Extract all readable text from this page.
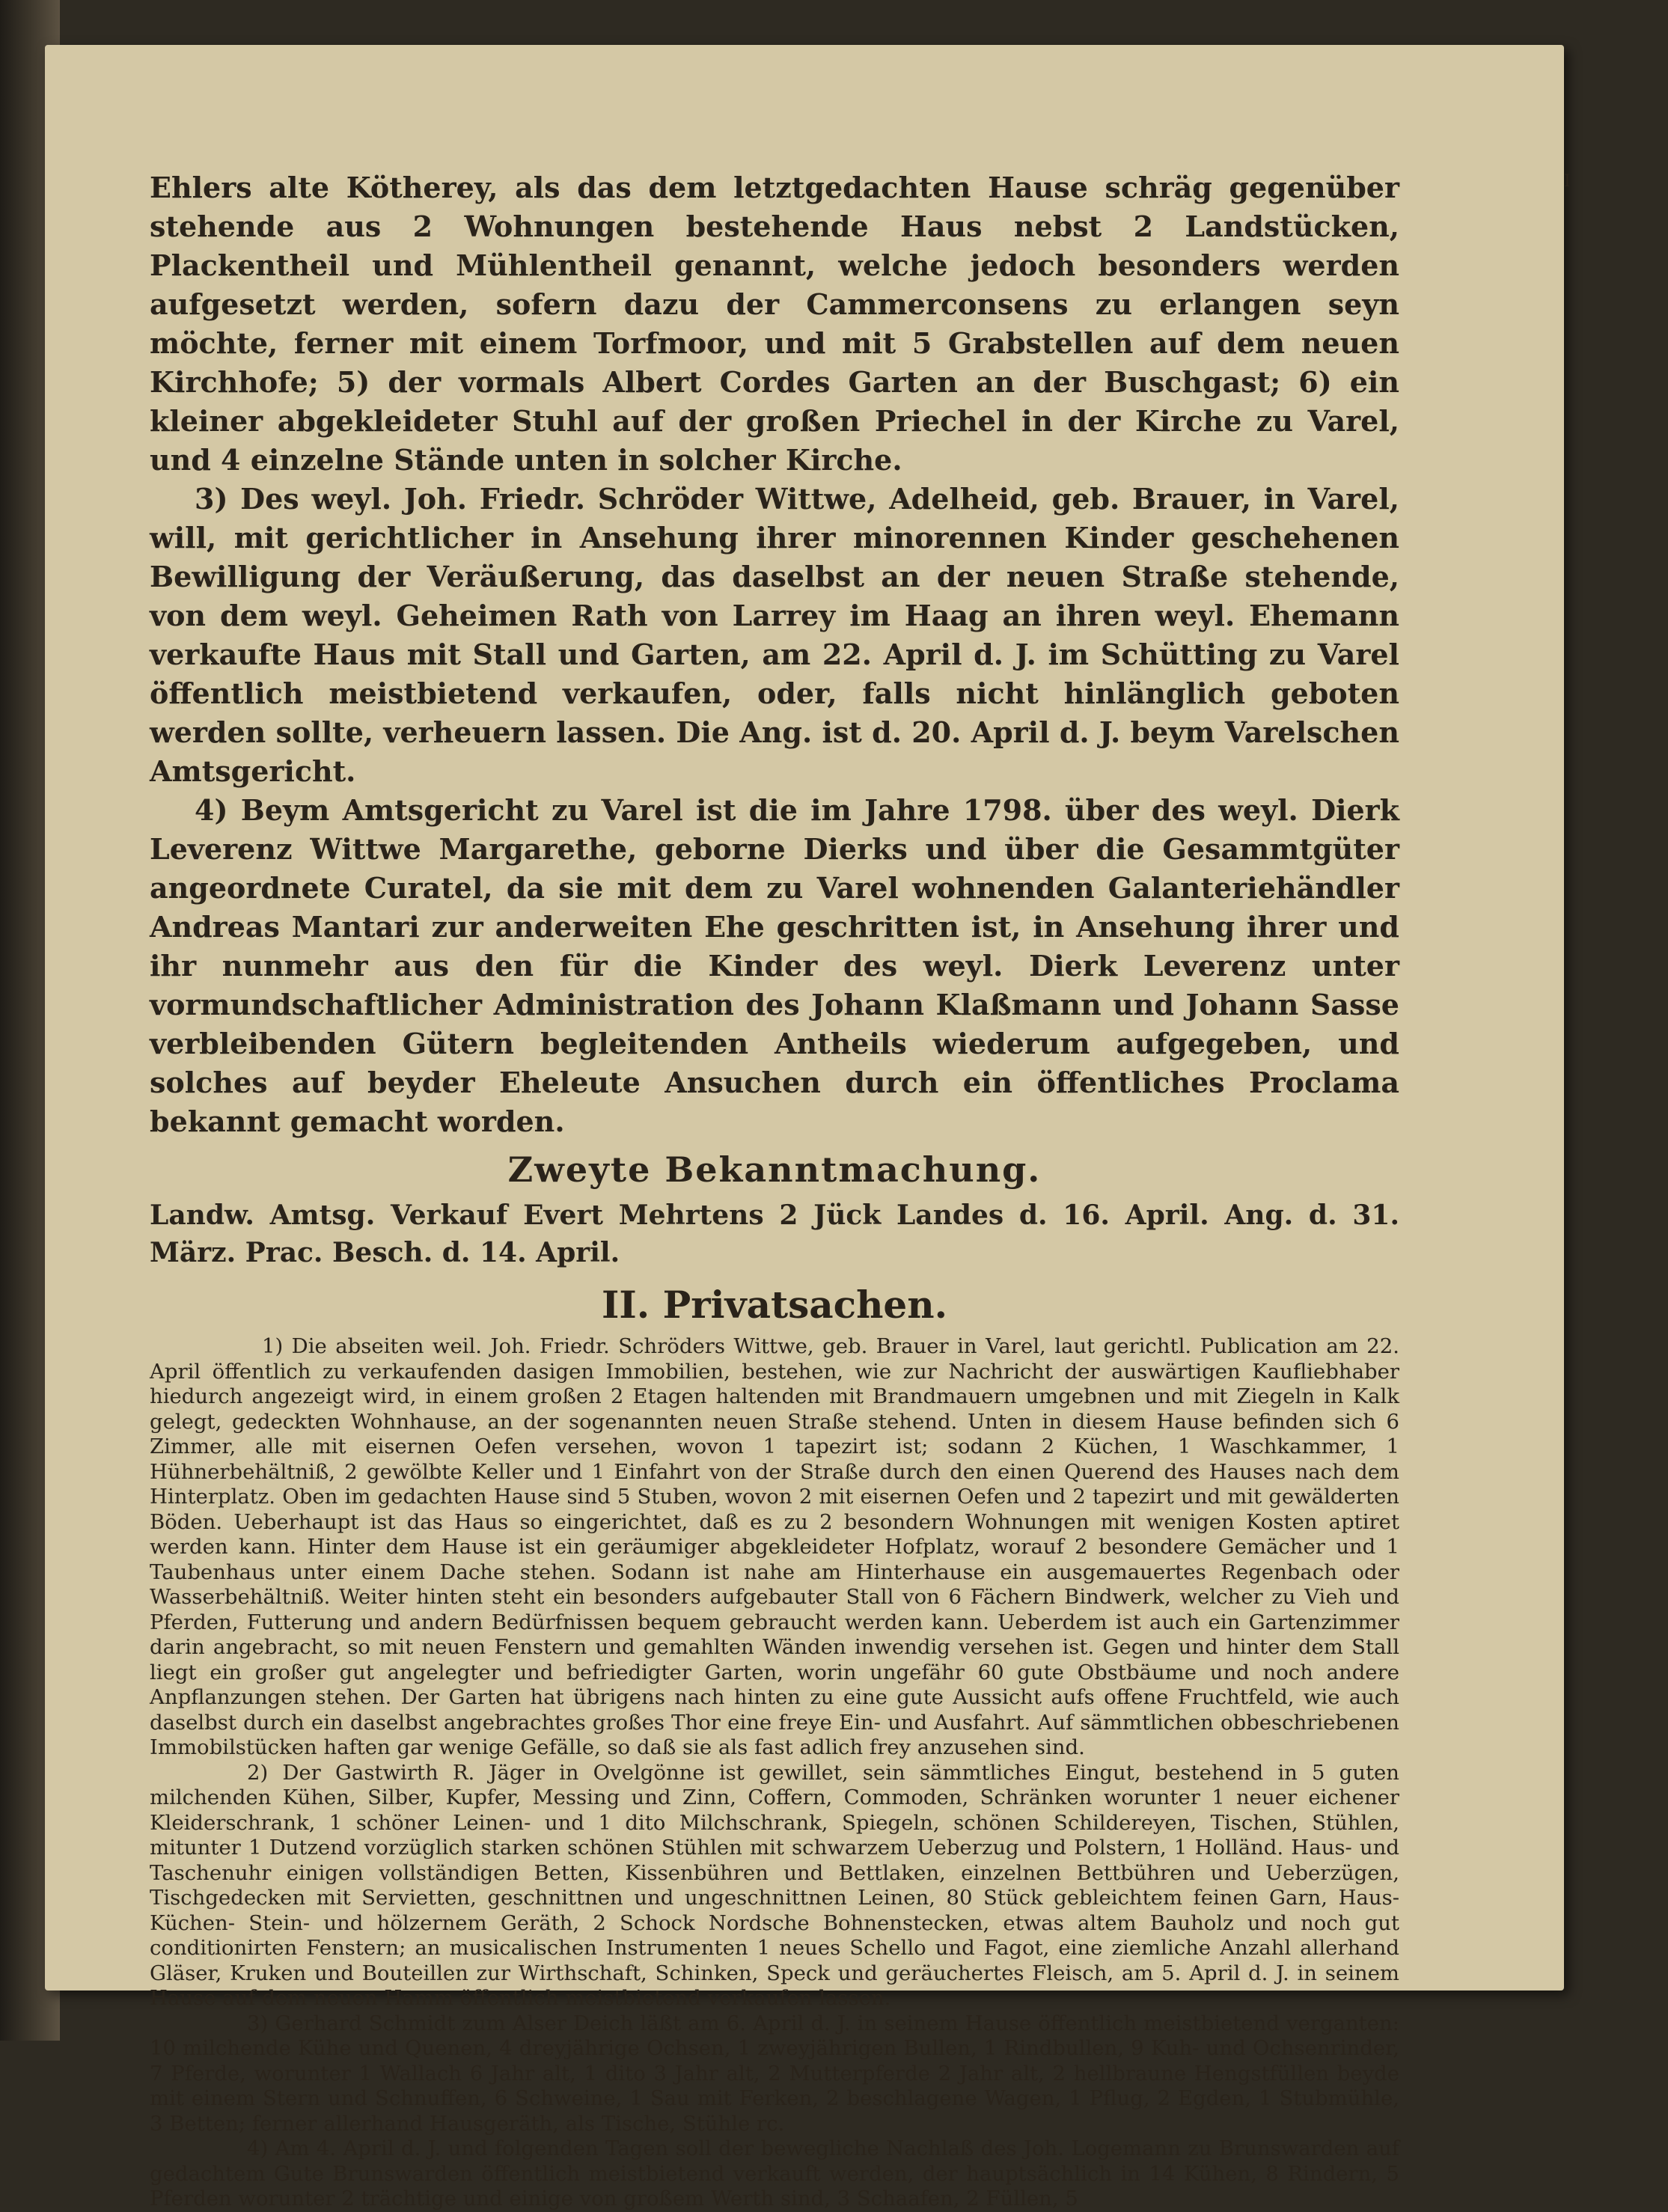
I

Ehlers alte Kötherey, als das dem letztgedachten Hause schräg gegenüber stehende aus 2 Wohnungen bestehende Haus nebst 2 Landstücken, Plackentheil und Mühlentheil genannt, welche jedoch besonders werden aufgesetzt werden, sofern dazu der Cammerconsens zu erlangen seyn möchte, ferner mit einem Torfmoor, und mit 5 Grabstellen auf dem neuen Kirchhofe; 5) der vormals Albert Cordes Garten an der Buschgast; 6) ein kleiner abgekleideter Stuhl auf der großen Priechel in der Kirche zu Varel, und 4 einzelne Stände unten in solcher Kirche.

3) Des weyl. Joh. Friedr. Schröder Wittwe, Adelheid, geb. Brauer, in Varel, will, mit gerichtlicher in Ansehung ihrer minorennen Kinder geschehenen Bewilligung der Veräußerung, das daselbst an der neuen Straße stehende, von dem weyl. Geheimen Rath von Larrey im Haag an ihren weyl. Ehemann verkaufte Haus mit Stall und Garten, am 22. April d. J. im Schütting zu Varel öffentlich meistbietend verkaufen, oder, falls nicht hinlänglich geboten werden sollte, verheuern lassen. Die Ang. ist d. 20. April d. J. beym Varelschen Amtsgericht.

4) Beym Amtsgericht zu Varel ist die im Jahre 1798. über des weyl. Dierk Leverenz Wittwe Margarethe, geborne Dierks und über die Gesammtgüter angeordnete Curatel, da sie mit dem zu Varel wohnenden Galanteriehändler Andreas Mantari zur anderweiten Ehe geschritten ist, in Ansehung ihrer und ihr nunmehr aus den für die Kinder des weyl. Dierk Leverenz unter vormundschaftlicher Administration des Johann Klaßmann und Johann Sasse verbleibenden Gütern begleitenden Antheils wiederum aufgegeben, und solches auf beyder Eheleute Ansuchen durch ein öffentliches Proclama bekannt gemacht worden.

Zweyte Bekanntmachung.

Landw. Amtsg. Verkauf Evert Mehrtens 2 Jück Landes d. 16. April. Ang. d. 31. März. Prac. Besch. d. 14. April.

II. Privatsachen.

1) Die abseiten weil. Joh. Friedr. Schröders Wittwe, geb. Brauer in Varel, laut gerichtl. Publication am 22. April öffentlich zu verkaufenden dasigen Immobilien, bestehen, wie zur Nachricht der auswärtigen Kaufliebhaber hiedurch angezeigt wird, in einem großen 2 Etagen haltenden mit Brandmauern umgebnen und mit Ziegeln in Kalk gelegt, gedeckten Wohnhause, an der sogenannten neuen Straße stehend. Unten in diesem Hause befinden sich 6 Zimmer, alle mit eisernen Oefen versehen, wovon 1 tapezirt ist; sodann 2 Küchen, 1 Waschkammer, 1 Hühnerbehältniß, 2 gewölbte Keller und 1 Einfahrt von der Straße durch den einen Querend des Hauses nach dem Hinterplatz. Oben im gedachten Hause sind 5 Stuben, wovon 2 mit eisernen Oefen und 2 tapezirt und mit gewälderten Böden. Ueberhaupt ist das Haus so eingerichtet, daß es zu 2 besondern Wohnungen mit wenigen Kosten aptiret werden kann. Hinter dem Hause ist ein geräumiger abgekleideter Hofplatz, worauf 2 besondere Gemächer und 1 Taubenhaus unter einem Dache stehen. Sodann ist nahe am Hinterhause ein ausgemauertes Regenbach oder Wasserbehältniß. Weiter hinten steht ein besonders aufgebauter Stall von 6 Fächern Bindwerk, welcher zu Vieh und Pferden, Futterung und andern Bedürfnissen bequem gebraucht werden kann. Ueberdem ist auch ein Gartenzimmer darin angebracht, so mit neuen Fenstern und gemahlten Wänden inwendig versehen ist. Gegen und hinter dem Stall liegt ein großer gut angelegter und befriedigter Garten, worin ungefähr 60 gute Obstbäume und noch andere Anpflanzungen stehen. Der Garten hat übrigens nach hinten zu eine gute Aussicht aufs offene Fruchtfeld, wie auch daselbst durch ein daselbst angebrachtes großes Thor eine freye Ein- und Ausfahrt. Auf sämmtlichen obbeschriebenen Immobilstücken haften gar wenige Gefälle, so daß sie als fast adlich frey anzusehen sind.

2) Der Gastwirth R. Jäger in Ovelgönne ist gewillet, sein sämmtliches Eingut, bestehend in 5 guten milchenden Kühen, Silber, Kupfer, Messing und Zinn, Coffern, Commoden, Schränken worunter 1 neuer eichener Kleiderschrank, 1 schöner Leinen- und 1 dito Milchschrank, Spiegeln, schönen Schildereyen, Tischen, Stühlen, mitunter 1 Dutzend vorzüglich starken schönen Stühlen mit schwarzem Ueberzug und Polstern, 1 Holländ. Haus- und Taschenuhr einigen vollständigen Betten, Kissenbühren und Bettlaken, einzelnen Bettbühren und Ueberzügen, Tischgedecken mit Servietten, geschnittnen und ungeschnittnen Leinen, 80 Stück gebleichtem feinen Garn, Haus- Küchen- Stein- und hölzernem Geräth, 2 Schock Nordsche Bohnenstecken, etwas altem Bauholz und noch gut conditionirten Fenstern; an musicalischen Instrumenten 1 neues Schello und Fagot, eine ziemliche Anzahl allerhand Gläser, Kruken und Bouteillen zur Wirthschaft, Schinken, Speck und geräuchertes Fleisch, am 5. April d. J. in seinem Hause auf dem neuen Hamm öffentlich meistbietend verkaufen lassen.

3) Gerhard Schmidt zum Alser Deich läßt am 6. April d. J. in seinem Hause öffentlich meistbietend verganten: 10 milchende Kühe und Quenen, 4 dreyjährige Ochsen, 1 zweyjährigen Bullen, 1 Rindbullen, 9 Kuh- und Ochsenrinder, 7 Pferde, worunter 1 Wallach 6 Jahr alt, 1 dito 3 Jahr alt, 2 Mutterpferde 2 Jahr alt, 2 hellbraune Hengstfüllen beyde mit einem Stern und Schnuffen, 6 Schweine, 1 Sau mit Ferken, 2 beschlagene Wagen, 1 Pflug, 2 Egden, 1 Stubmühle, 3 Betten; ferner allerhand Hausgeräth, als Tische, Stühle rc.

4) Am 4. April d. J. und folgenden Tagen soll der bewegliche Nachlaß des Joh. Logemann zu Brunswarden auf gedachtem Gute Brunswarden öffentlich meistbietend verkauft werden, der hauptsächlich in 14 Kühen, 8 Rindern, 5 Pferden worunter 2 trächtige und einige von großem Werth sind, 3 Schaafen, 2 Füllen, 5
